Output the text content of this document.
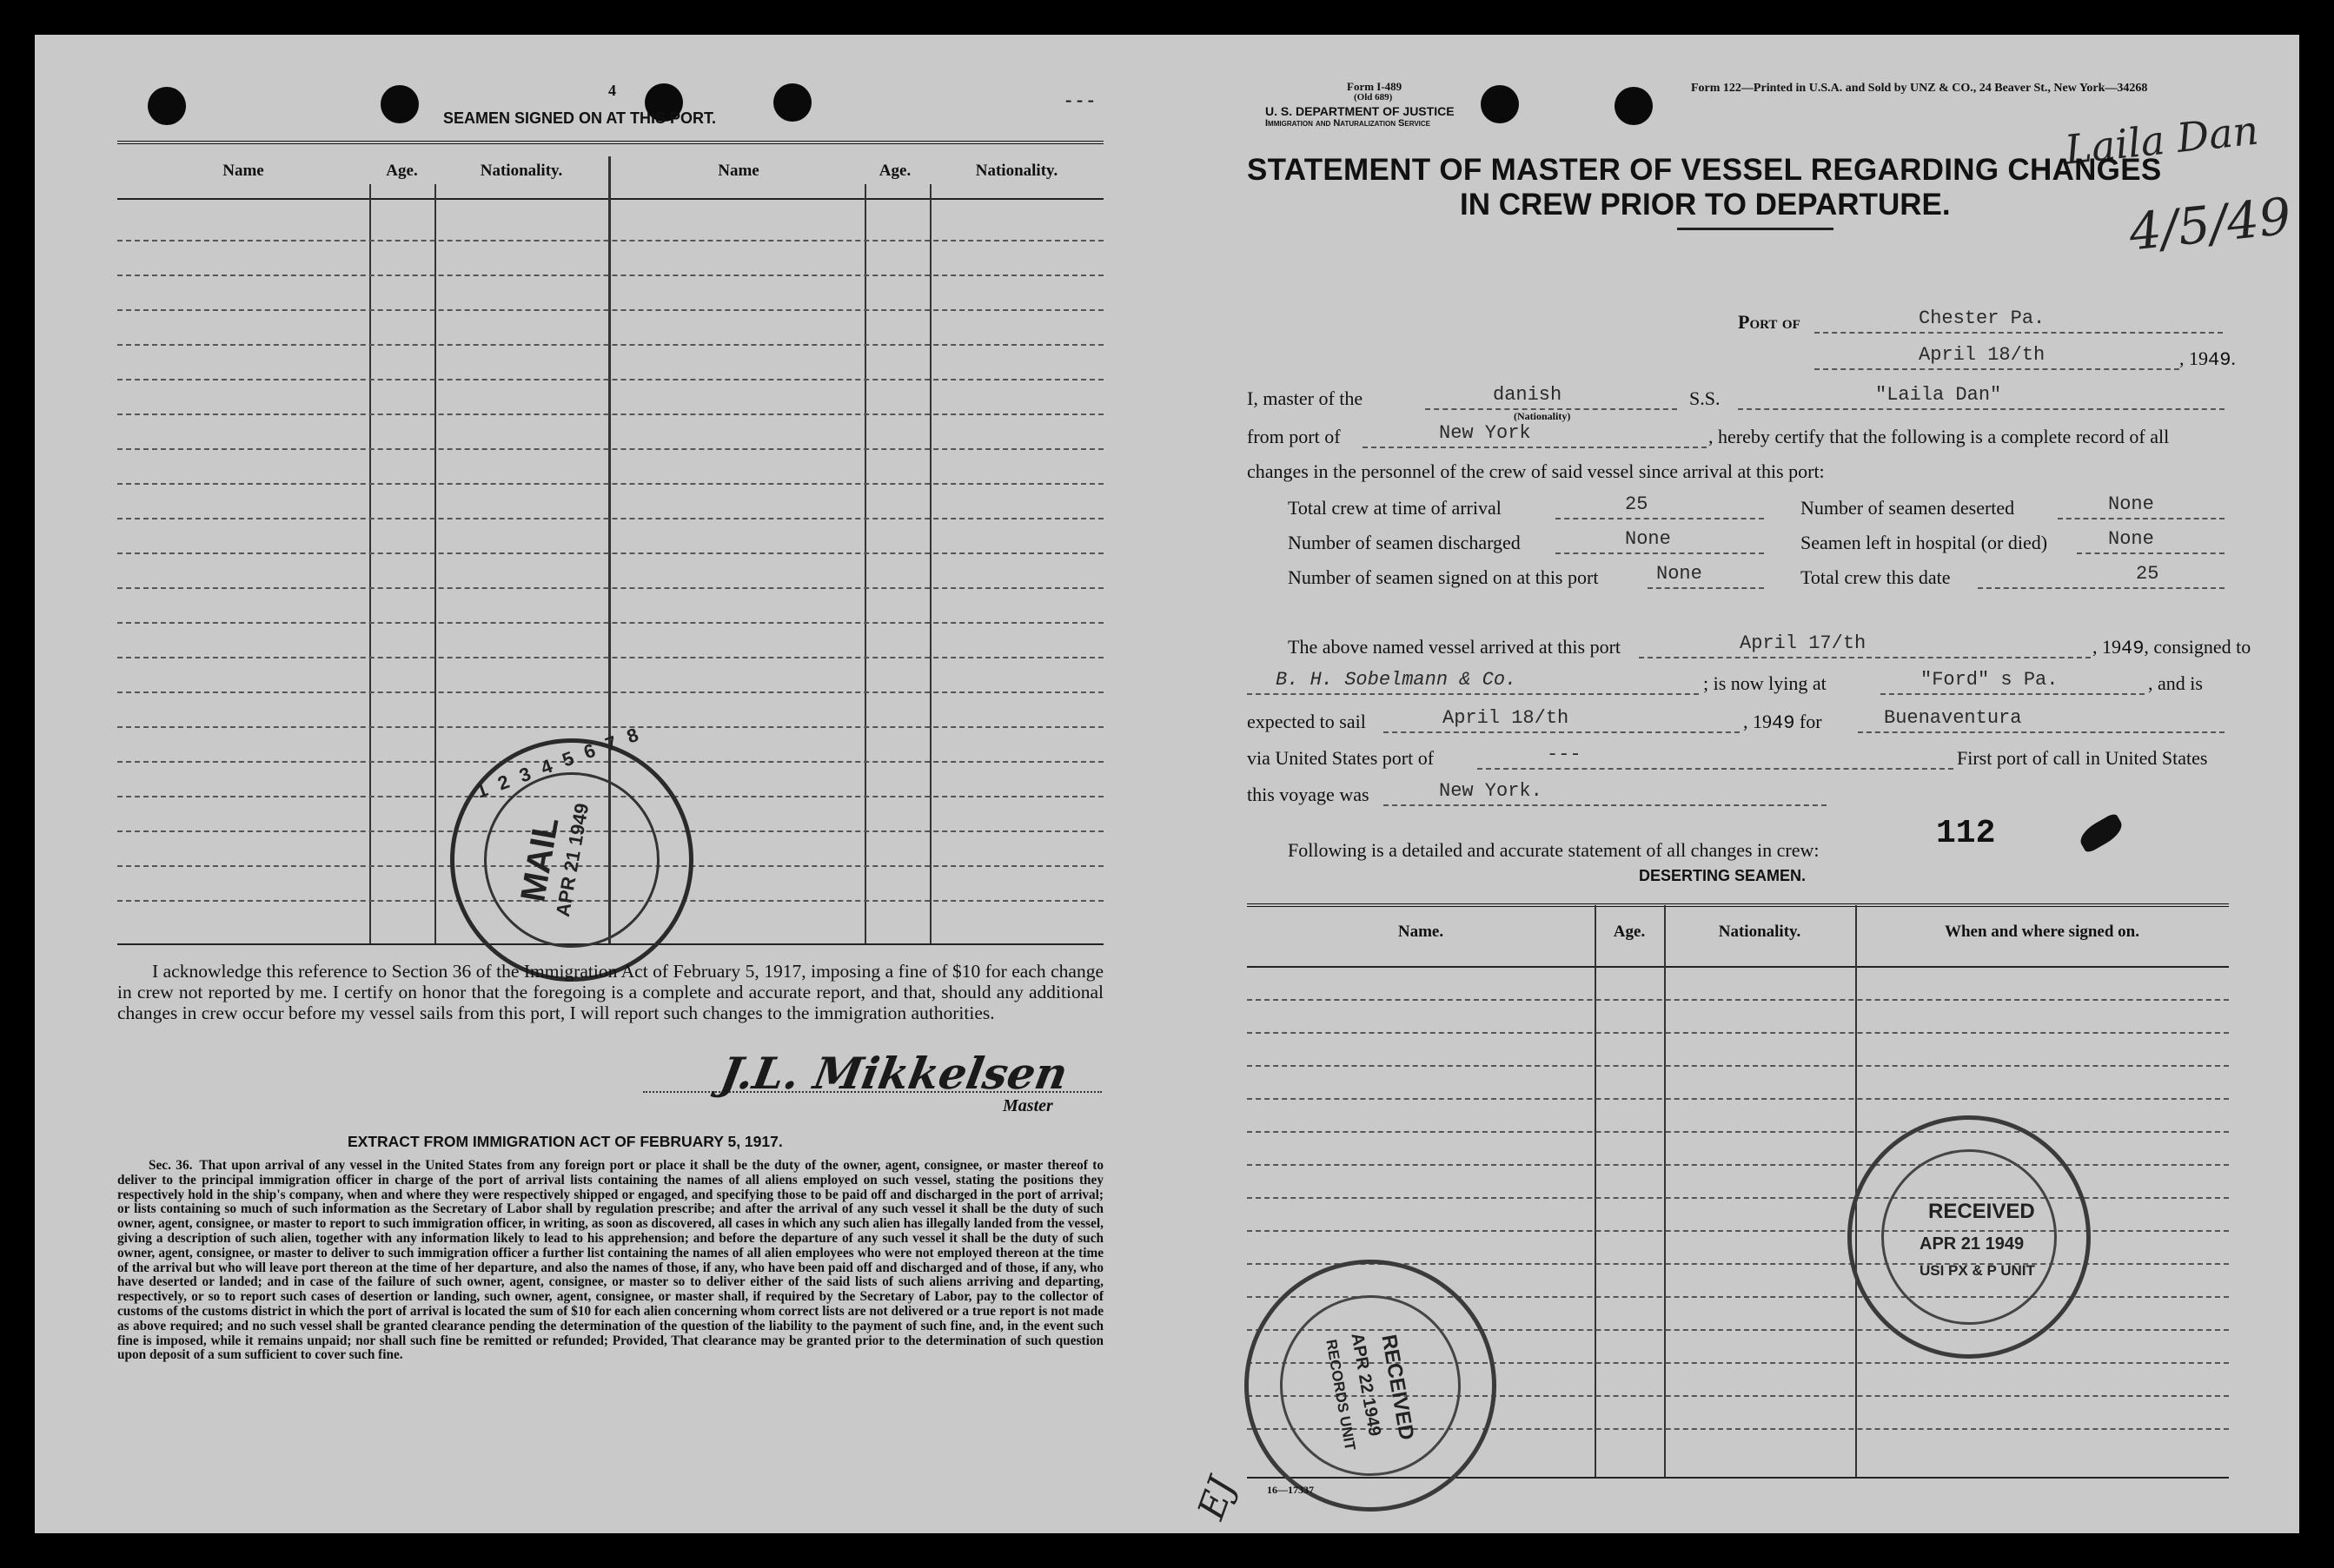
- - -
4
SEAMEN SIGNED ON AT THIS PORT.
Name	Age.	Nationality.	Name	Age.	Nationality.
1 2 3 4 5 6 7 8
MAIL
APR 21 1949
I acknowledge this reference to Section 36 of the Immigration Act of February 5, 1917, imposing a fine of $10 for each change in crew not reported by me. I certify on honor that the foregoing is a complete and accurate report, and that, should any additional changes in crew occur before my vessel sails from this port, I will report such changes to the immigration authorities.
J.L. Mikkelsen
Master
EXTRACT FROM IMMIGRATION ACT OF FEBRUARY 5, 1917.
Sec. 36. That upon arrival of any vessel in the United States from any foreign port or place it shall be the duty of the owner, agent, consignee, or master thereof to deliver to the principal immigration officer in charge of the port of arrival lists containing the names of all aliens employed on such vessel, stating the positions they respectively hold in the ship's company, when and where they were respectively shipped or engaged, and specifying those to be paid off and discharged in the port of arrival; or lists containing so much of such information as the Secretary of Labor shall by regulation prescribe; and after the arrival of any such vessel it shall be the duty of such owner, agent, consignee, or master to report to such immigration officer, in writing, as soon as discovered, all cases in which any such alien has illegally landed from the vessel, giving a description of such alien, together with any information likely to lead to his apprehension; and before the departure of any such vessel it shall be the duty of such owner, agent, consignee, or master to deliver to such immigration officer a further list containing the names of all alien employees who were not employed thereon at the time of the arrival but who will leave port thereon at the time of her departure, and also the names of those, if any, who have been paid off and discharged and of those, if any, who have deserted or landed; and in case of the failure of such owner, agent, consignee, or master so to deliver either of the said lists of such aliens arriving and departing, respectively, or so to report such cases of desertion or landing, such owner, agent, consignee, or master shall, if required by the Secretary of Labor, pay to the collector of customs of the customs district in which the port of arrival is located the sum of $10 for each alien concerning whom correct lists are not delivered or a true report is not made as above required; and no such vessel shall be granted clearance pending the determination of the question of the liability to the payment of such fine, and, in the event such fine is imposed, while it remains unpaid; nor shall such fine be remitted or refunded; Provided, That clearance may be granted prior to the determination of such question upon deposit of a sum sufficient to cover such fine.
Form I-489
(Old 689)
U. S. DEPARTMENT OF JUSTICE
Immigration and Naturalization Service
Form 122—Printed in U.S.A. and Sold by UNZ & CO., 24 Beaver St., New York—34268
Laila Dan
4/5/49
STATEMENT OF MASTER OF VESSEL REGARDING CHANGES
IN CREW PRIOR TO DEPARTURE.
Port of	Chester Pa.
April 18/th	, 1949.
I, master of the	danish
(Nationality)
S.S.	"Laila Dan"
from port of	New York	, hereby certify that the following is a complete record of all
changes in the personnel of the crew of said vessel since arrival at this port:
Total crew at time of arrival	25	Number of seamen deserted	None
Number of seamen discharged	None	Seamen left in hospital (or died)	None
Number of seamen signed on at this port	None	Total crew this date	25
The above named vessel arrived at this port	April 17/th	, 1949, consigned to
B. H. Sobelmann & Co.	; is now lying at	"Ford" s Pa.	, and is
expected to sail	April 18/th	, 1949 for	Buenaventura
via United States port of	---	First port of call in United States
this voyage was	New York.
Following is a detailed and accurate statement of all changes in crew:	112
DESERTING SEAMEN.
Name.	Age.	Nationality.	When and where signed on.
RECEIVED
APR 21 1949
USI PX & P UNIT
RECEIVED
APR 22 1949
RECORDS UNIT
16—17337
EJ
